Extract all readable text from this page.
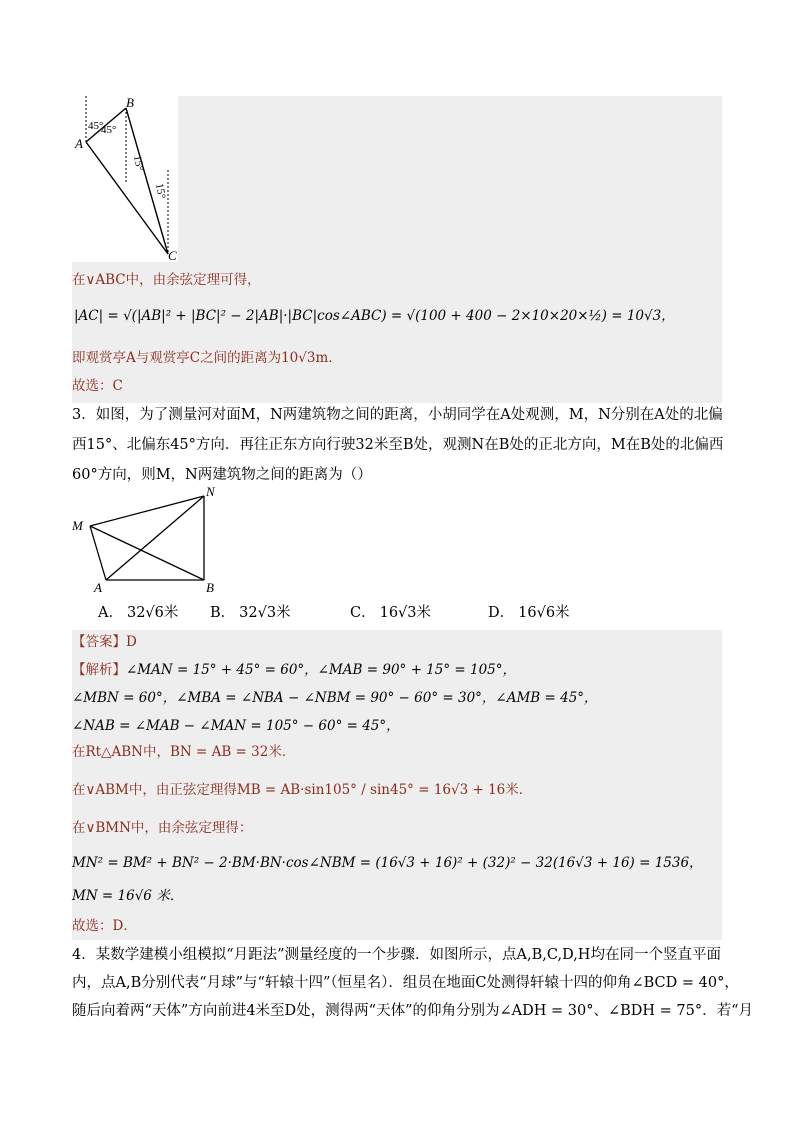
A
B
C
45°
45°
15°
15°
在∨ABC中，由余弦定理可得，
|AC| = √(|AB|² + |BC|² − 2|AB|·|BC|cos∠ABC) = √(100 + 400 − 2×10×20×½) = 10√3，
即观赏亭A与观赏亭C之间的距离为10√3m．
故选：C
3．如图，为了测量河对面M，N两建筑物之间的距离，小胡同学在A处观测，M，N分别在A处的北偏
西15°、北偏东45°方向．再往正东方向行驶32米至B处，观测N在B处的正北方向，M在B处的北偏西
60°方向，则M，N两建筑物之间的距离为（）
M
N
A	B
A． 32√6米 B． 32√3米	C． 16√3米	D． 16√6米
【答案】D
【解析】∠MAN = 15° + 45° = 60°，∠MAB = 90° + 15° = 105°，
∠MBN = 60°，∠MBA = ∠NBA − ∠NBM = 90° − 60° = 30°，∠AMB = 45°，
∠NAB = ∠MAB − ∠MAN = 105° − 60° = 45°，
在Rt△ABN中，BN = AB = 32米．
在∨ABM中，由正弦定理得MB = AB·sin105° / sin45° = 16√3 + 16米．
在∨BMN中，由余弦定理得：
MN² = BM² + BN² − 2·BM·BN·cos∠NBM = (16√3 + 16)² + (32)² − 32(16√3 + 16) = 1536，
MN = 16√6 米．
故选：D．
4．某数学建模小组模拟“月距法”测量经度的一个步骤．如图所示，点A,B,C,D,H均在同一个竖直平面
内，点A,B分别代表“月球”与“轩辕十四”（恒星名）．组员在地面C处测得轩辕十四的仰角∠BCD = 40°，
随后向着两“天体”方向前进4米至D处，测得两“天体”的仰角分别为∠ADH = 30°、∠BDH = 75°．若“月
